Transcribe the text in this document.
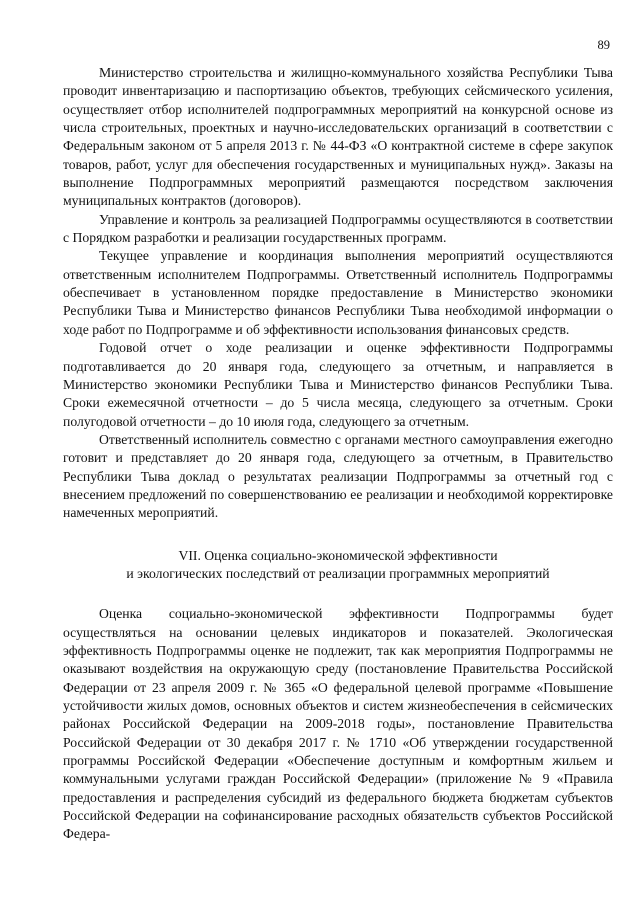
89

Министерство строительства и жилищно-коммунального хозяйства Республики Тыва проводит инвентаризацию и паспортизацию объектов, требующих сейсмического усиления, осуществляет отбор исполнителей подпрограммных мероприятий на конкурсной основе из числа строительных, проектных и научно-исследовательских организаций в соответствии с Федеральным законом от 5 апреля 2013 г. № 44-ФЗ «О контрактной системе в сфере закупок товаров, работ, услуг для обеспечения государственных и муниципальных нужд». Заказы на выполнение Подпрограммных мероприятий размещаются посредством заключения муниципальных контрактов (договоров).

Управление и контроль за реализацией Подпрограммы осуществляются в соответствии с Порядком разработки и реализации государственных программ.

Текущее управление и координация выполнения мероприятий осуществляются ответственным исполнителем Подпрограммы. Ответственный исполнитель Подпрограммы обеспечивает в установленном порядке предоставление в Министерство экономики Республики Тыва и Министерство финансов Республики Тыва необходимой информации о ходе работ по Подпрограмме и об эффективности использования финансовых средств.

Годовой отчет о ходе реализации и оценке эффективности Подпрограммы подготавливается до 20 января года, следующего за отчетным, и направляется в Министерство экономики Республики Тыва и Министерство финансов Республики Тыва. Сроки ежемесячной отчетности – до 5 числа месяца, следующего за отчетным. Сроки полугодовой отчетности – до 10 июля года, следующего за отчетным.

Ответственный исполнитель совместно с органами местного самоуправления ежегодно готовит и представляет до 20 января года, следующего за отчетным, в Правительство Республики Тыва доклад о результатах реализации Подпрограммы за отчетный год с внесением предложений по совершенствованию ее реализации и необходимой корректировке намеченных мероприятий.

VII. Оценка социально-экономической эффективности
и экологических последствий от реализации программных мероприятий

Оценка социально-экономической эффективности Подпрограммы будет осуществляться на основании целевых индикаторов и показателей. Экологическая эффективность Подпрограммы оценке не подлежит, так как мероприятия Подпрограммы не оказывают воздействия на окружающую среду (постановление Правительства Российской Федерации от 23 апреля 2009 г. № 365 «О федеральной целевой программе «Повышение устойчивости жилых домов, основных объектов и систем жизнеобеспечения в сейсмических районах Российской Федерации на 2009-2018 годы», постановление Правительства Российской Федерации от 30 декабря 2017 г. № 1710 «Об утверждении государственной программы Российской Федерации «Обеспечение доступным и комфортным жильем и коммунальными услугами граждан Российской Федерации» (приложение № 9 «Правила предоставления и распределения субсидий из федерального бюджета бюджетам субъектов Российской Федерации на софинансирование расходных обязательств субъектов Российской Федера-
